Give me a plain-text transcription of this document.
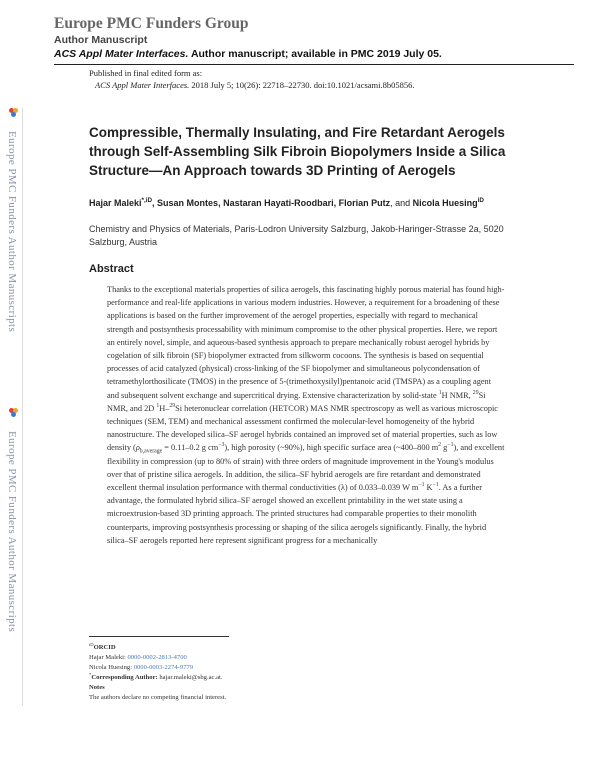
Europe PMC Funders Group
Author Manuscript
ACS Appl Mater Interfaces. Author manuscript; available in PMC 2019 July 05.
Europe PMC Funders Author Manuscripts
Europe PMC Funders Author Manuscripts
Published in final edited form as:
ACS Appl Mater Interfaces. 2018 July 5; 10(26): 22718–22730. doi:10.1021/acsami.8b05856.
Compressible, Thermally Insulating, and Fire Retardant Aerogels through Self-Assembling Silk Fibroin Biopolymers Inside a Silica Structure—An Approach towards 3D Printing of Aerogels
Hajar Maleki$^{*,iD}$, Susan Montes, Nastaran Hayati-Roodbari, Florian Putz, and Nicola Huesing$^{iD}$
Chemistry and Physics of Materials, Paris-Lodron University Salzburg, Jakob-Haringer-Strasse 2a, 5020 Salzburg, Austria
Abstract

Thanks to the exceptional materials properties of silica aerogels, this fascinating highly porous material has found high-performance and real-life applications in various modern industries. However, a requirement for a broadening of these applications is based on the further improvement of the aerogel properties, especially with regard to mechanical strength and postsynthesis processability with minimum compromise to the other physical properties. Here, we report an entirely novel, simple, and aqueous-based synthesis approach to prepare mechanically robust aerogel hybrids by cogelation of silk fibroin (SF) biopolymer extracted from silkworm cocoons. The synthesis is based on sequential processes of acid catalyzed (physical) cross-linking of the SF biopolymer and simultaneous polycondensation of tetramethylorthosilicate (TMOS) in the presence of 5-(trimethoxysilyl)pentanoic acid (TMSPA) as a coupling agent and subsequent solvent exchange and supercritical drying. Extensive characterization by solid-state $^1$H NMR, $^{29}$Si NMR, and 2D $^1$H–$^{29}$Si heteronuclear correlation (HETCOR) MAS NMR spectroscopy as well as various microscopic techniques (SEM, TEM) and mechanical assessment confirmed the molecular-level homogeneity of the hybrid nanostructure. The developed silica–SF aerogel hybrids contained an improved set of material properties, such as low density ($\rho_{b,average} = 0.11-0.2$ g $cm^{-3}$), high porosity (~90%), high specific surface area (~400–800 $m^2$ $g^{-1}$), and excellent flexibility in compression (up to 80% of strain) with three orders of magnitude improvement in the Young's modulus over that of pristine silica aerogels. In addition, the silica–SF hybrid aerogels are fire retardant and demonstrated excellent thermal insulation performance with thermal conductivities (λ) of 0.033–0.039 W $m^{-1}$ $K^{-1}$. As a further advantage, the formulated hybrid silica–SF aerogel showed an excellent printability in the wet state using a microextrusion-based 3D printing approach. The printed structures had comparable properties to their monolith counterparts, improving postsynthesis processing or shaping of the silica aerogels significantly. Finally, the hybrid silica–SF aerogels reported here represent significant progress for a mechanically

$^{iD}$ORCID
Hajar Maleki: 0000-0002-2813-4700
Nicola Huesing: 0000-0003-2274-9779
*Corresponding Author: hajar.maleki@sbg.ac.at.
Notes
The authors declare no competing financial interest.
